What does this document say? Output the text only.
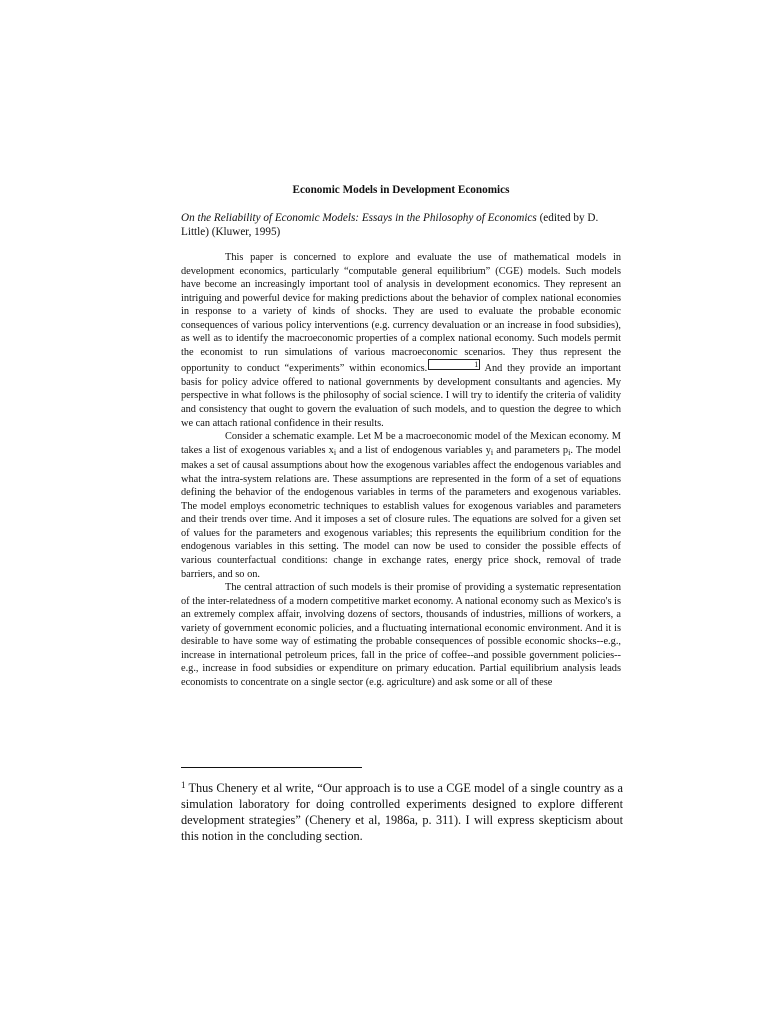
Economic Models in Development Economics
On the Reliability of Economic Models: Essays in the Philosophy of Economics (edited by D. Little) (Kluwer, 1995)

This paper is concerned to explore and evaluate the use of mathematical models in development economics, particularly “computable general equilibrium” (CGE) models. Such models have become an increasingly important tool of analysis in development economics. They represent an intriguing and powerful device for making predictions about the behavior of complex national economies in response to a variety of kinds of shocks. They are used to evaluate the probable economic consequences of various policy interventions (e.g. currency devaluation or an increase in food subsidies), as well as to identify the macroeconomic properties of a complex national economy. Such models permit the economist to run simulations of various macroeconomic scenarios. They thus represent the opportunity to conduct “experiments” within economics.	1 And they provide an important basis for policy advice offered to national governments by development consultants and agencies. My perspective in what follows is the philosophy of social science. I will try to identify the criteria of validity and consistency that ought to govern the evaluation of such models, and to question the degree to which we can attach rational confidence in their results.

Consider a schematic example. Let M be a macroeconomic model of the Mexican economy. M takes a list of exogenous variables $x_i$ and a list of endogenous variables $y_i$ and parameters $p_i$. The model makes a set of causal assumptions about how the exogenous variables affect the endogenous variables and what the intra-system relations are. These assumptions are represented in the form of a set of equations defining the behavior of the endogenous variables in terms of the parameters and exogenous variables. The model employs econometric techniques to establish values for exogenous variables and parameters and their trends over time. And it imposes a set of closure rules. The equations are solved for a given set of values for the parameters and exogenous variables; this represents the equilibrium condition for the endogenous variables in this setting. The model can now be used to consider the possible effects of various counterfactual conditions: change in exchange rates, energy price shock, removal of trade barriers, and so on.

The central attraction of such models is their promise of providing a systematic representation of the inter-relatedness of a modern competitive market economy. A national economy such as Mexico's is an extremely complex affair, involving dozens of sectors, thousands of industries, millions of workers, a variety of government economic policies, and a fluctuating international economic environment. And it is desirable to have some way of estimating the probable consequences of possible economic shocks--e.g., increase in international petroleum prices, fall in the price of coffee--and possible government policies--e.g., increase in food subsidies or expenditure on primary education. Partial equilibrium analysis leads economists to concentrate on a single sector (e.g. agriculture) and ask some or all of these

$^1$ Thus Chenery et al write, “Our approach is to use a CGE model of a single country as a simulation laboratory for doing controlled experiments designed to explore different development strategies” (Chenery et al, 1986a, p. 311). I will express skepticism about this notion in the concluding section.
